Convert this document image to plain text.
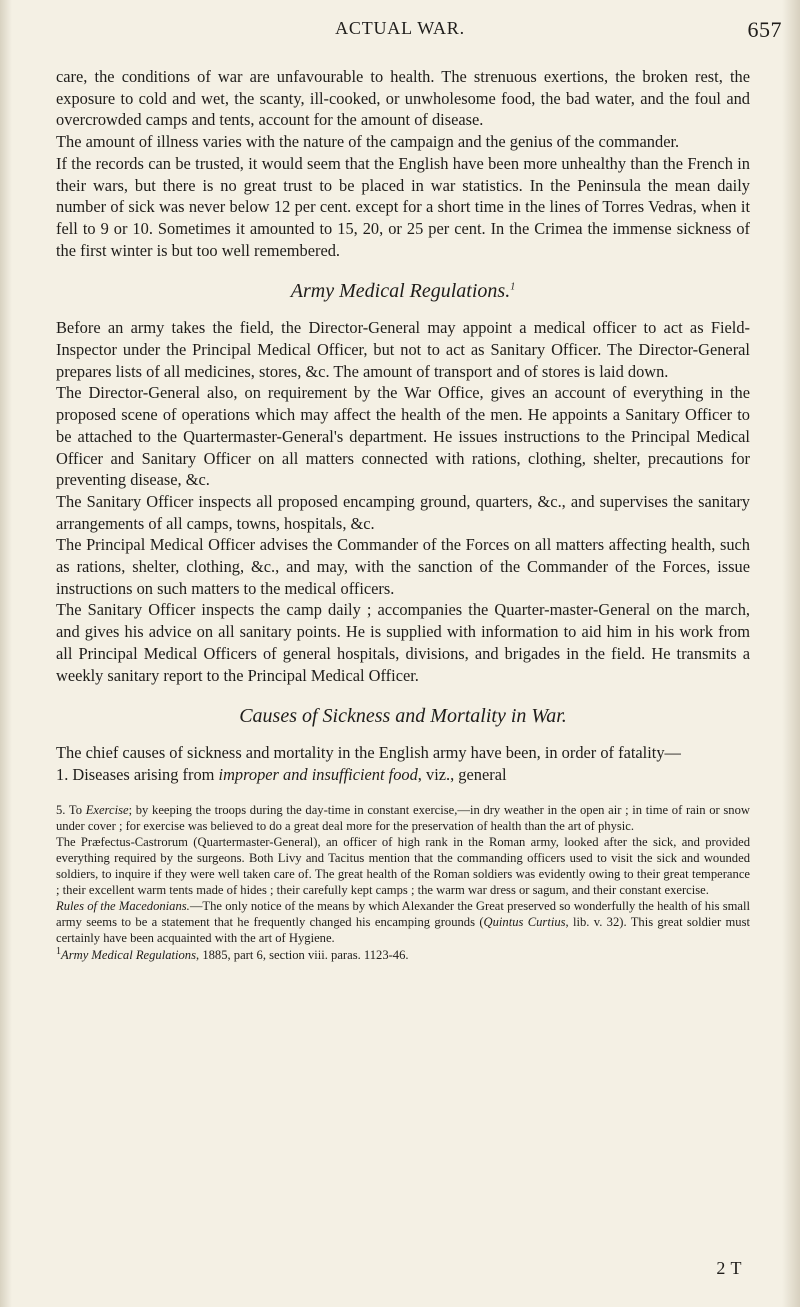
ACTUAL WAR.	657

care, the conditions of war are unfavourable to health. The strenuous exertions, the broken rest, the exposure to cold and wet, the scanty, ill-cooked, or unwholesome food, the bad water, and the foul and overcrowded camps and tents, account for the amount of disease.

The amount of illness varies with the nature of the campaign and the genius of the commander.

If the records can be trusted, it would seem that the English have been more unhealthy than the French in their wars, but there is no great trust to be placed in war statistics. In the Peninsula the mean daily number of sick was never below 12 per cent. except for a short time in the lines of Torres Vedras, when it fell to 9 or 10. Sometimes it amounted to 15, 20, or 25 per cent. In the Crimea the immense sickness of the first winter is but too well remembered.

Army Medical Regulations.$^1$

Before an army takes the field, the Director-General may appoint a medical officer to act as Field-Inspector under the Principal Medical Officer, but not to act as Sanitary Officer. The Director-General prepares lists of all medicines, stores, &c. The amount of transport and of stores is laid down.

The Director-General also, on requirement by the War Office, gives an account of everything in the proposed scene of operations which may affect the health of the men. He appoints a Sanitary Officer to be attached to the Quartermaster-General's department. He issues instructions to the Principal Medical Officer and Sanitary Officer on all matters connected with rations, clothing, shelter, precautions for preventing disease, &c.

The Sanitary Officer inspects all proposed encamping ground, quarters, &c., and supervises the sanitary arrangements of all camps, towns, hospitals, &c.

The Principal Medical Officer advises the Commander of the Forces on all matters affecting health, such as rations, shelter, clothing, &c., and may, with the sanction of the Commander of the Forces, issue instructions on such matters to the medical officers.

The Sanitary Officer inspects the camp daily ; accompanies the Quarter-master-General on the march, and gives his advice on all sanitary points. He is supplied with information to aid him in his work from all Principal Medical Officers of general hospitals, divisions, and brigades in the field. He transmits a weekly sanitary report to the Principal Medical Officer.

Causes of Sickness and Mortality in War.

The chief causes of sickness and mortality in the English army have been, in order of fatality—

1. Diseases arising from improper and insufficient food, viz., general

5. To Exercise; by keeping the troops during the day-time in constant exercise,—in dry weather in the open air ; in time of rain or snow under cover ; for exercise was believed to do a great deal more for the preservation of health than the art of physic.

The Præfectus-Castrorum (Quartermaster-General), an officer of high rank in the Roman army, looked after the sick, and provided everything required by the surgeons. Both Livy and Tacitus mention that the commanding officers used to visit the sick and wounded soldiers, to inquire if they were well taken care of. The great health of the Roman soldiers was evidently owing to their great temperance ; their excellent warm tents made of hides ; their carefully kept camps ; the warm war dress or sagum, and their constant exercise.

Rules of the Macedonians.—The only notice of the means by which Alexander the Great preserved so wonderfully the health of his small army seems to be a statement that he frequently changed his encamping grounds (Quintus Curtius, lib. v. 32). This great soldier must certainly have been acquainted with the art of Hygiene.

$^1$Army Medical Regulations, 1885, part 6, section viii. paras. 1123-46.

2 T
